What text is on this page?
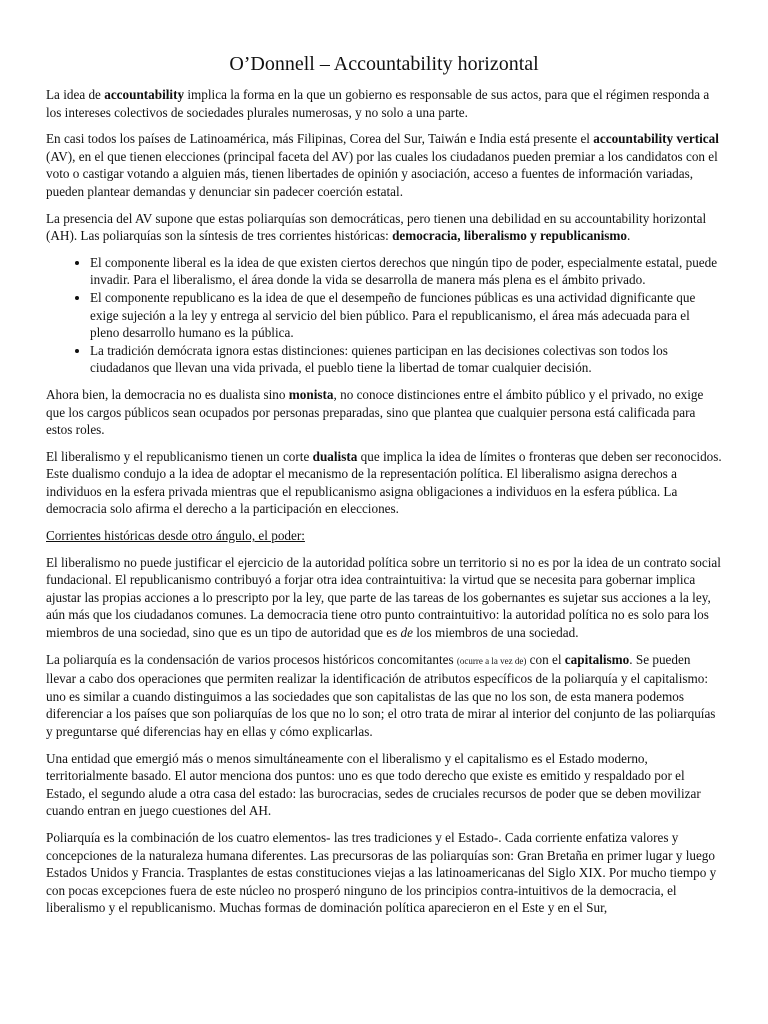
O’Donnell – Accountability horizontal

La idea de accountability implica la forma en la que un gobierno es responsable de sus actos, para que el régimen responda a los intereses colectivos de sociedades plurales numerosas, y no solo a una parte.

En casi todos los países de Latinoamérica, más Filipinas, Corea del Sur, Taiwán e India está presente el accountability vertical (AV), en el que tienen elecciones (principal faceta del AV) por las cuales los ciudadanos pueden premiar a los candidatos con el voto o castigar votando a alguien más, tienen libertades de opinión y asociación, acceso a fuentes de información variadas, pueden plantear demandas y denunciar sin padecer coerción estatal.

La presencia del AV supone que estas poliarquías son democráticas, pero tienen una debilidad en su accountability horizontal (AH). Las poliarquías son la síntesis de tres corrientes históricas: democracia, liberalismo y republicanismo.

• El componente liberal es la idea de que existen ciertos derechos que ningún tipo de poder, especialmente estatal, puede invadir. Para el liberalismo, el área donde la vida se desarrolla de manera más plena es el ámbito privado.
• El componente republicano es la idea de que el desempeño de funciones públicas es una actividad dignificante que exige sujeción a la ley y entrega al servicio del bien público. Para el republicanismo, el área más adecuada para el pleno desarrollo humano es la pública.
• La tradición demócrata ignora estas distinciones: quienes participan en las decisiones colectivas son todos los ciudadanos que llevan una vida privada, el pueblo tiene la libertad de tomar cualquier decisión.

Ahora bien, la democracia no es dualista sino monista, no conoce distinciones entre el ámbito público y el privado, no exige que los cargos públicos sean ocupados por personas preparadas, sino que plantea que cualquier persona está calificada para estos roles.

El liberalismo y el republicanismo tienen un corte dualista que implica la idea de límites o fronteras que deben ser reconocidos. Este dualismo condujo a la idea de adoptar el mecanismo de la representación política. El liberalismo asigna derechos a individuos en la esfera privada mientras que el republicanismo asigna obligaciones a individuos en la esfera pública. La democracia solo afirma el derecho a la participación en elecciones.

Corrientes históricas desde otro ángulo, el poder:

El liberalismo no puede justificar el ejercicio de la autoridad política sobre un territorio si no es por la idea de un contrato social fundacional. El republicanismo contribuyó a forjar otra idea contraintuitiva: la virtud que se necesita para gobernar implica ajustar las propias acciones a lo prescripto por la ley, que parte de las tareas de los gobernantes es sujetar sus acciones a la ley, aún más que los ciudadanos comunes. La democracia tiene otro punto contraintuitivo: la autoridad política no es solo para los miembros de una sociedad, sino que es un tipo de autoridad que es de los miembros de una sociedad.

La poliarquía es la condensación de varios procesos históricos concomitantes (ocurre a la vez de) con el capitalismo. Se pueden llevar a cabo dos operaciones que permiten realizar la identificación de atributos específicos de la poliarquía y el capitalismo: uno es similar a cuando distinguimos a las sociedades que son capitalistas de las que no los son, de esta manera podemos diferenciar a los países que son poliarquías de los que no lo son; el otro trata de mirar al interior del conjunto de las poliarquías y preguntarse qué diferencias hay en ellas y cómo explicarlas.

Una entidad que emergió más o menos simultáneamente con el liberalismo y el capitalismo es el Estado moderno, territorialmente basado. El autor menciona dos puntos: uno es que todo derecho que existe es emitido y respaldado por el Estado, el segundo alude a otra casa del estado: las burocracias, sedes de cruciales recursos de poder que se deben movilizar cuando entran en juego cuestiones del AH.

Poliarquía es la combinación de los cuatro elementos- las tres tradiciones y el Estado-. Cada corriente enfatiza valores y concepciones de la naturaleza humana diferentes. Las precursoras de las poliarquías son: Gran Bretaña en primer lugar y luego Estados Unidos y Francia. Trasplantes de estas constituciones viejas a las latinoamericanas del Siglo XIX. Por mucho tiempo y con pocas excepciones fuera de este núcleo no prosperó ninguno de los principios contra-intuitivos de la democracia, el liberalismo y el republicanismo. Muchas formas de dominación política aparecieron en el Este y en el Sur,
